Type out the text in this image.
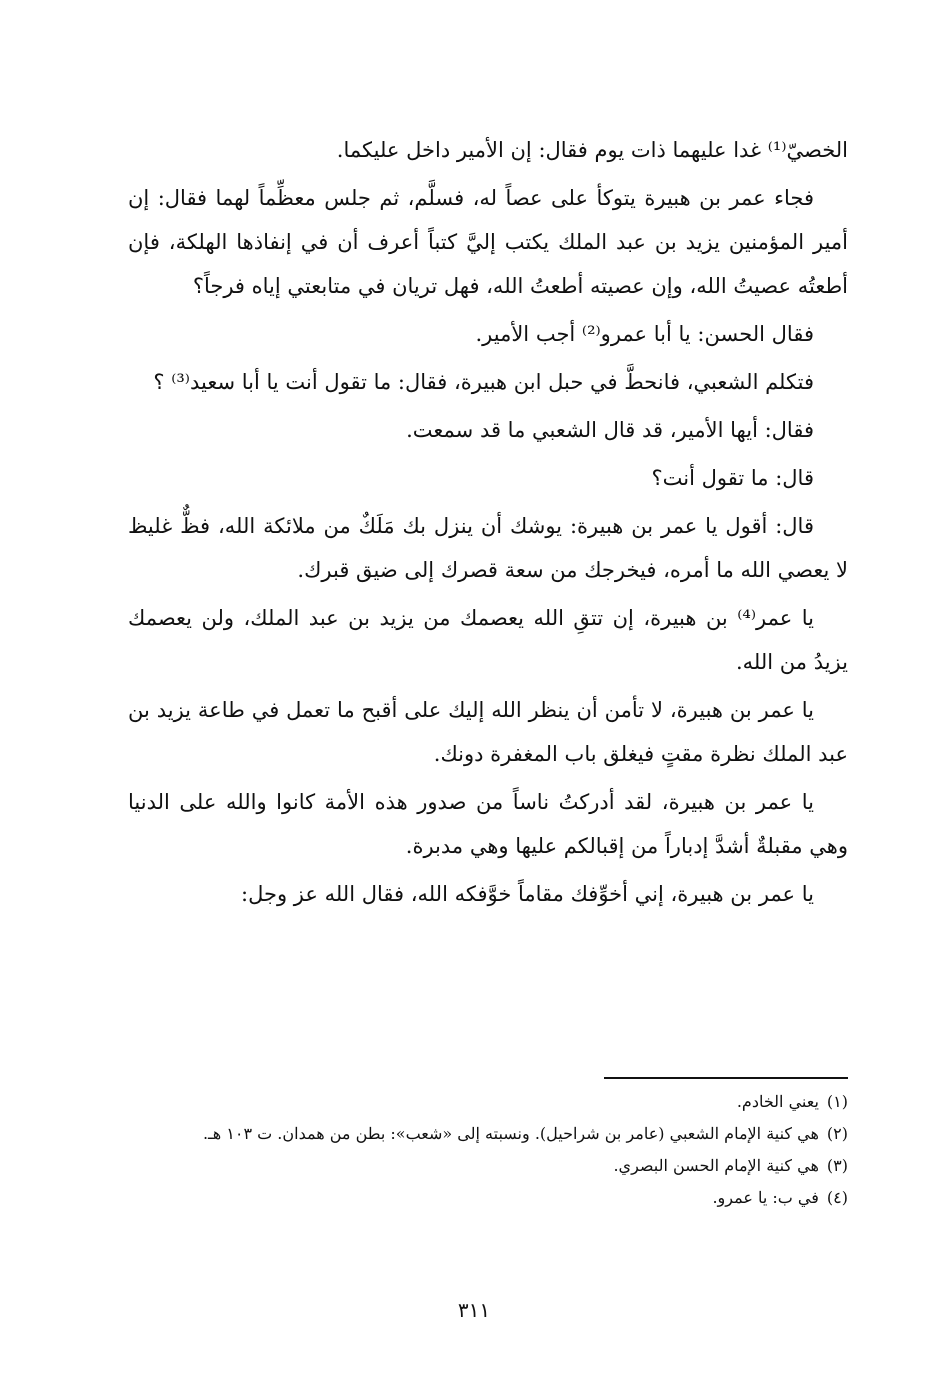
الخصيّ⁽¹⁾ غدا عليهما ذات يوم فقال: إن الأمير داخل عليكما.

فجاء عمر بن هبيرة يتوكأ على عصاً له، فسلَّم، ثم جلس معظِّماً لهما فقال: إن أمير المؤمنين يزيد بن عبد الملك يكتب إليَّ كتباً أعرف أن في إنفاذها الهلكة، فإن أطعتُه عصيتُ الله، وإن عصيته أطعتُ الله، فهل تريان في متابعتي إياه فرجاً؟

فقال الحسن: يا أبا عمرو⁽²⁾ أجب الأمير.

فتكلم الشعبي، فانحطَّ في حبل ابن هبيرة، فقال: ما تقول أنت يا أبا سعيد⁽³⁾ ؟

فقال: أيها الأمير، قد قال الشعبي ما قد سمعت.

قال: ما تقول أنت؟

قال: أقول يا عمر بن هبيرة: يوشك أن ينزل بك مَلَكٌ من ملائكة الله، فظٌّ غليظ لا يعصي الله ما أمره، فيخرجك من سعة قصرك إلى ضيق قبرك.

يا عمر⁽⁴⁾ بن هبيرة، إن تتقِ الله يعصمك من يزيد بن عبد الملك، ولن يعصمك يزيدُ من الله.

يا عمر بن هبيرة، لا تأمن أن ينظر الله إليك على أقبح ما تعمل في طاعة يزيد بن عبد الملك نظرة مقتٍ فيغلق باب المغفرة دونك.

يا عمر بن هبيرة، لقد أدركتُ ناساً من صدور هذه الأمة كانوا والله على الدنيا وهي مقبلةٌ أشدَّ إدباراً من إقبالكم عليها وهي مدبرة.

يا عمر بن هبيرة، إني أخوِّفك مقاماً خوَّفكه الله، فقال الله عز وجل:

(١)يعني الخادم.

(٢)هي كنية الإمام الشعبي (عامر بن شراحيل). ونسبته إلى «شعب»: بطن من همدان. ت ١٠٣ هـ.

(٣)هي كنية الإمام الحسن البصري.

(٤)في ب: يا عمرو.

٣١١
